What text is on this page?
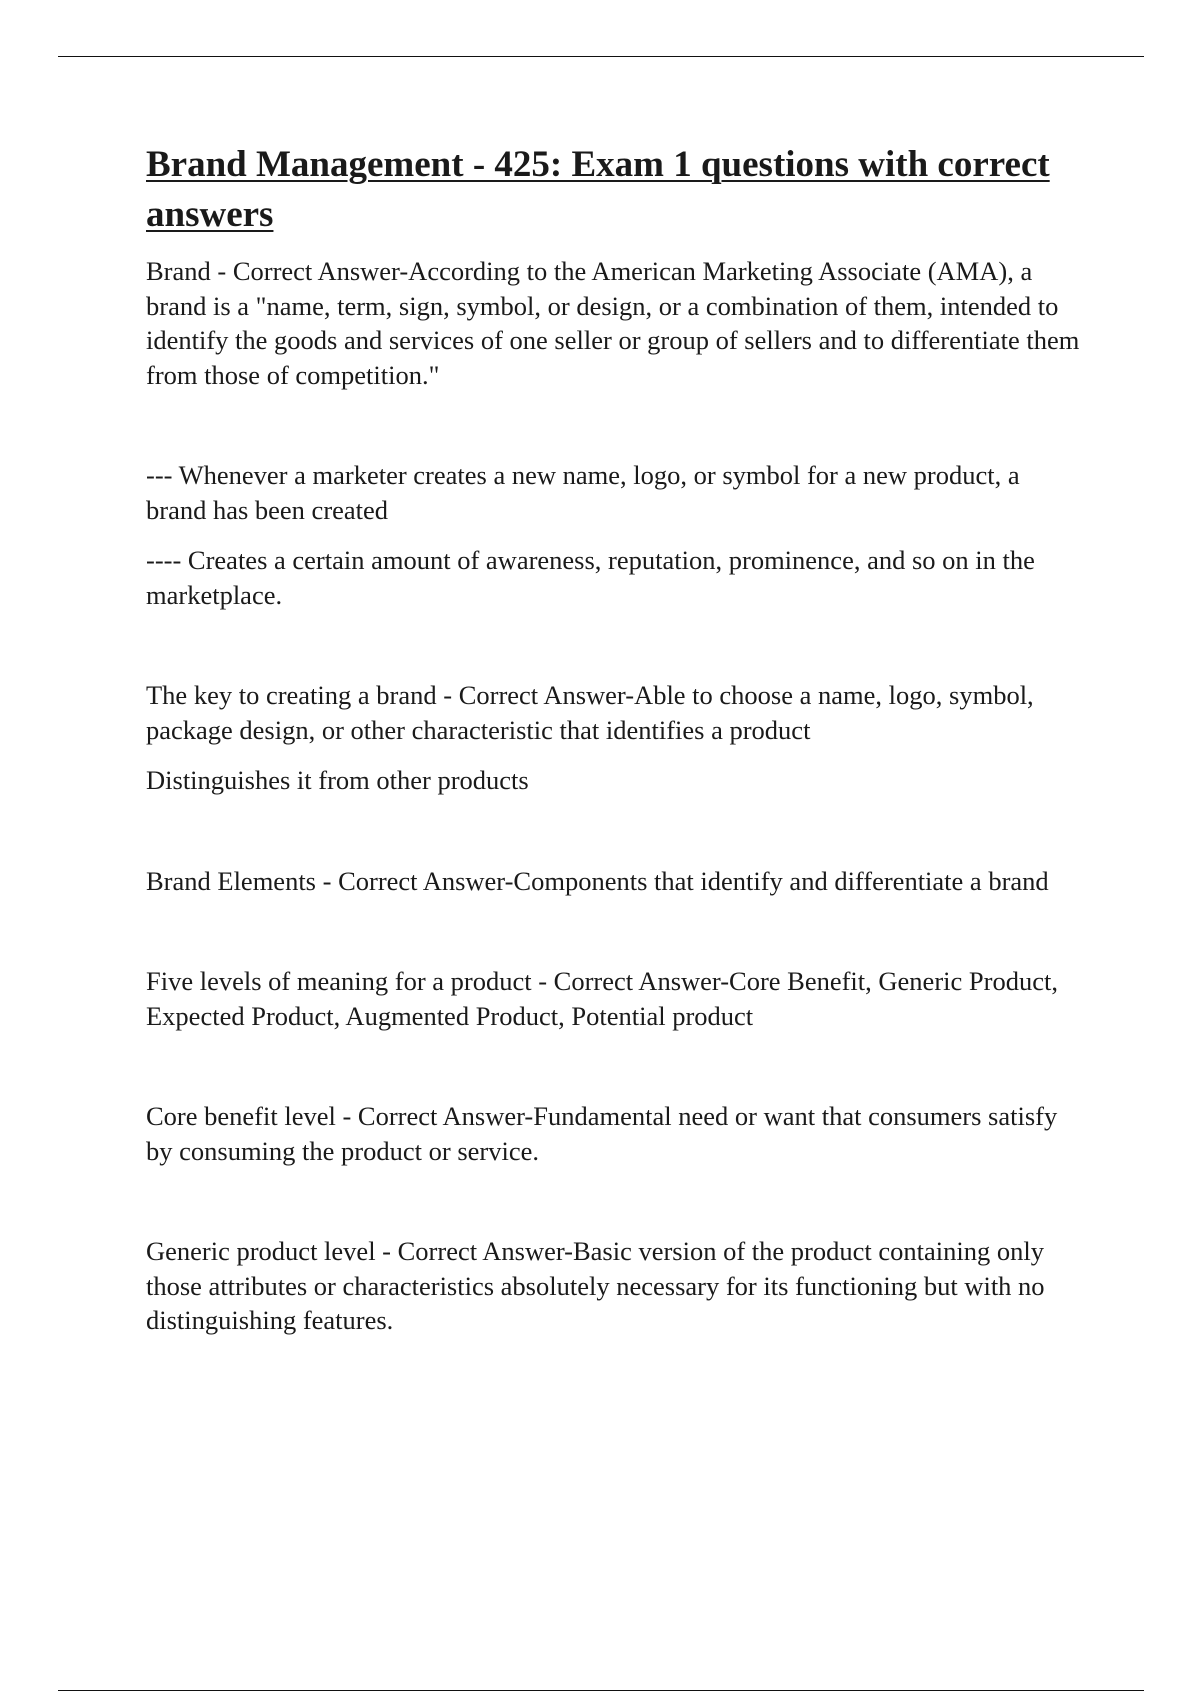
Brand Management - 425: Exam 1 questions with correct answers

Brand - Correct Answer-According to the American Marketing Associate (AMA), a brand is a "name, term, sign, symbol, or design, or a combination of them, intended to identify the goods and services of one seller or group of sellers and to differentiate them from those of competition."

--- Whenever a marketer creates a new name, logo, or symbol for a new product, a brand has been created

---- Creates a certain amount of awareness, reputation, prominence, and so on in the marketplace.

The key to creating a brand - Correct Answer-Able to choose a name, logo, symbol, package design, or other characteristic that identifies a product

Distinguishes it from other products

Brand Elements - Correct Answer-Components that identify and differentiate a brand

Five levels of meaning for a product - Correct Answer-Core Benefit, Generic Product, Expected Product, Augmented Product, Potential product

Core benefit level - Correct Answer-Fundamental need or want that consumers satisfy by consuming the product or service.

Generic product level - Correct Answer-Basic version of the product containing only those attributes or characteristics absolutely necessary for its functioning but with no distinguishing features.
